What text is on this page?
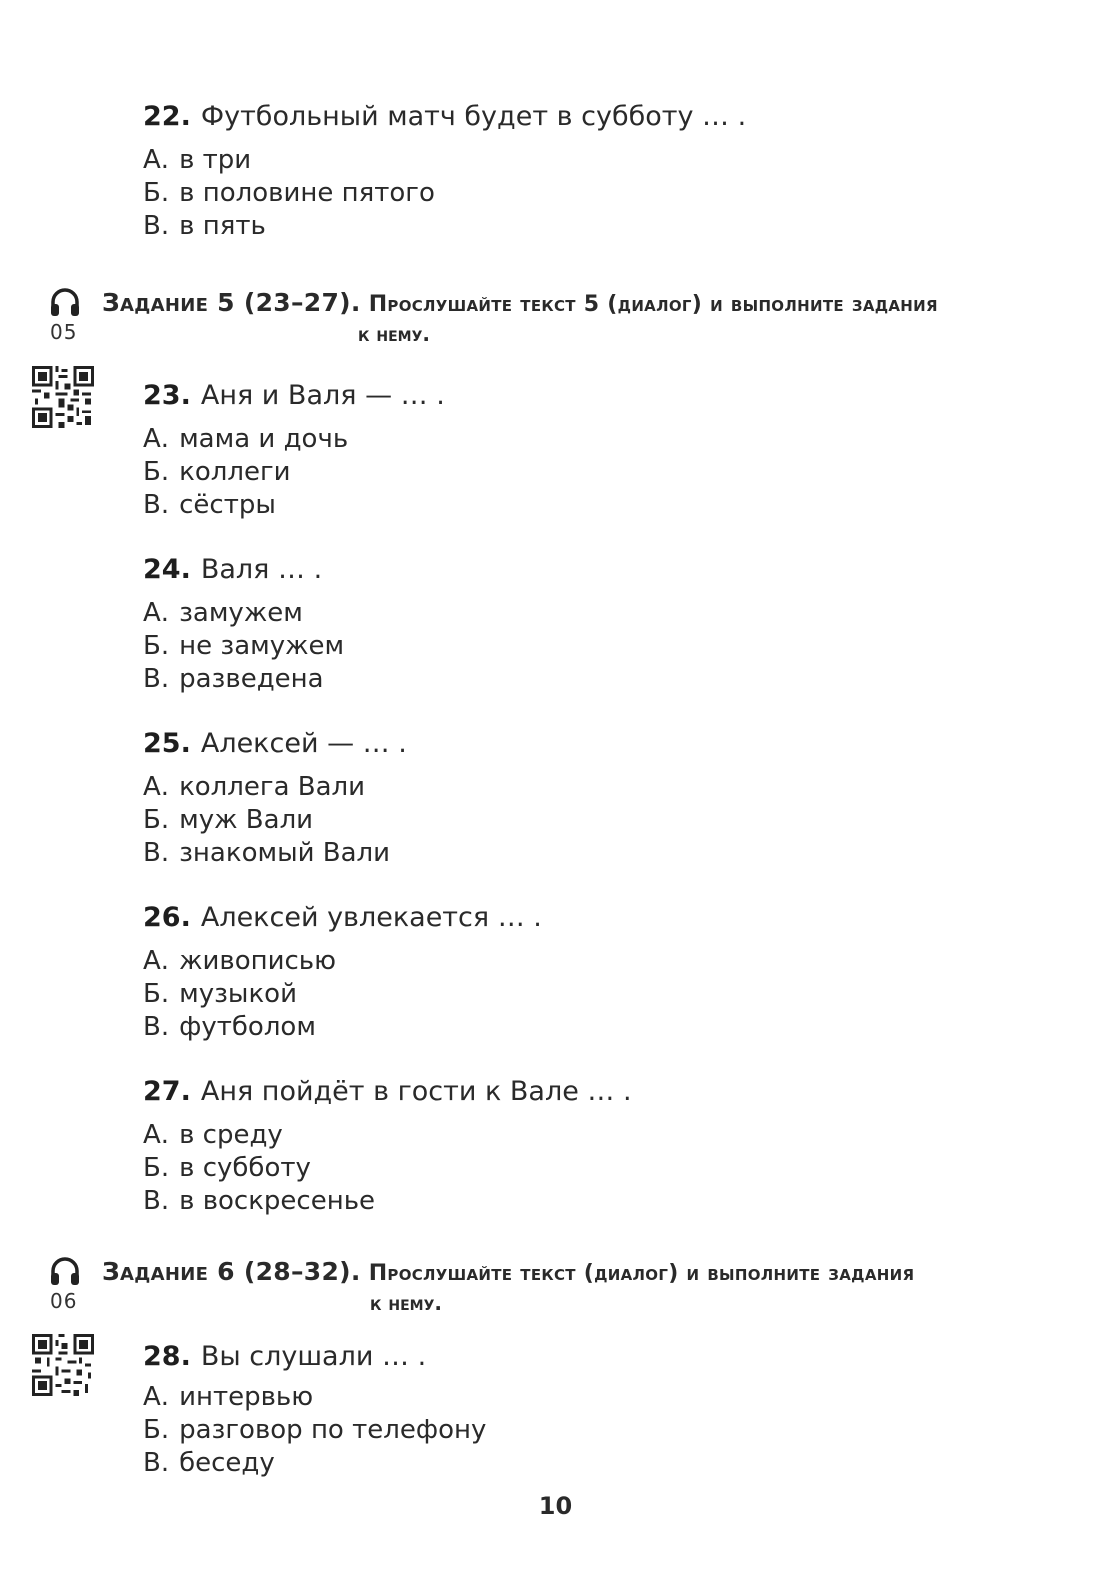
22. Футбольный матч будет в субботу … .
А. в три
Б. в половине пятого
В. в пять
05
Задание 5 (23–27). Прослушайте текст 5 (диалог) и выполните задания
к нему.
23. Аня и Валя — … .
А. мама и дочь
Б. коллеги
В. сёстры
24. Валя … .
А. замужем
Б. не замужем
В. разведена
25. Алексей — … .
А. коллега Вали
Б. муж Вали
В. знакомый Вали
26. Алексей увлекается … .
А. живописью
Б. музыкой
В. футболом
27. Аня пойдёт в гости к Вале … .
А. в среду
Б. в субботу
В. в воскресенье
06
Задание 6 (28–32). Прослушайте текст (диалог) и выполните задания
к нему.
28. Вы слушали … .
А. интервью
Б. разговор по телефону
В. беседу
10
